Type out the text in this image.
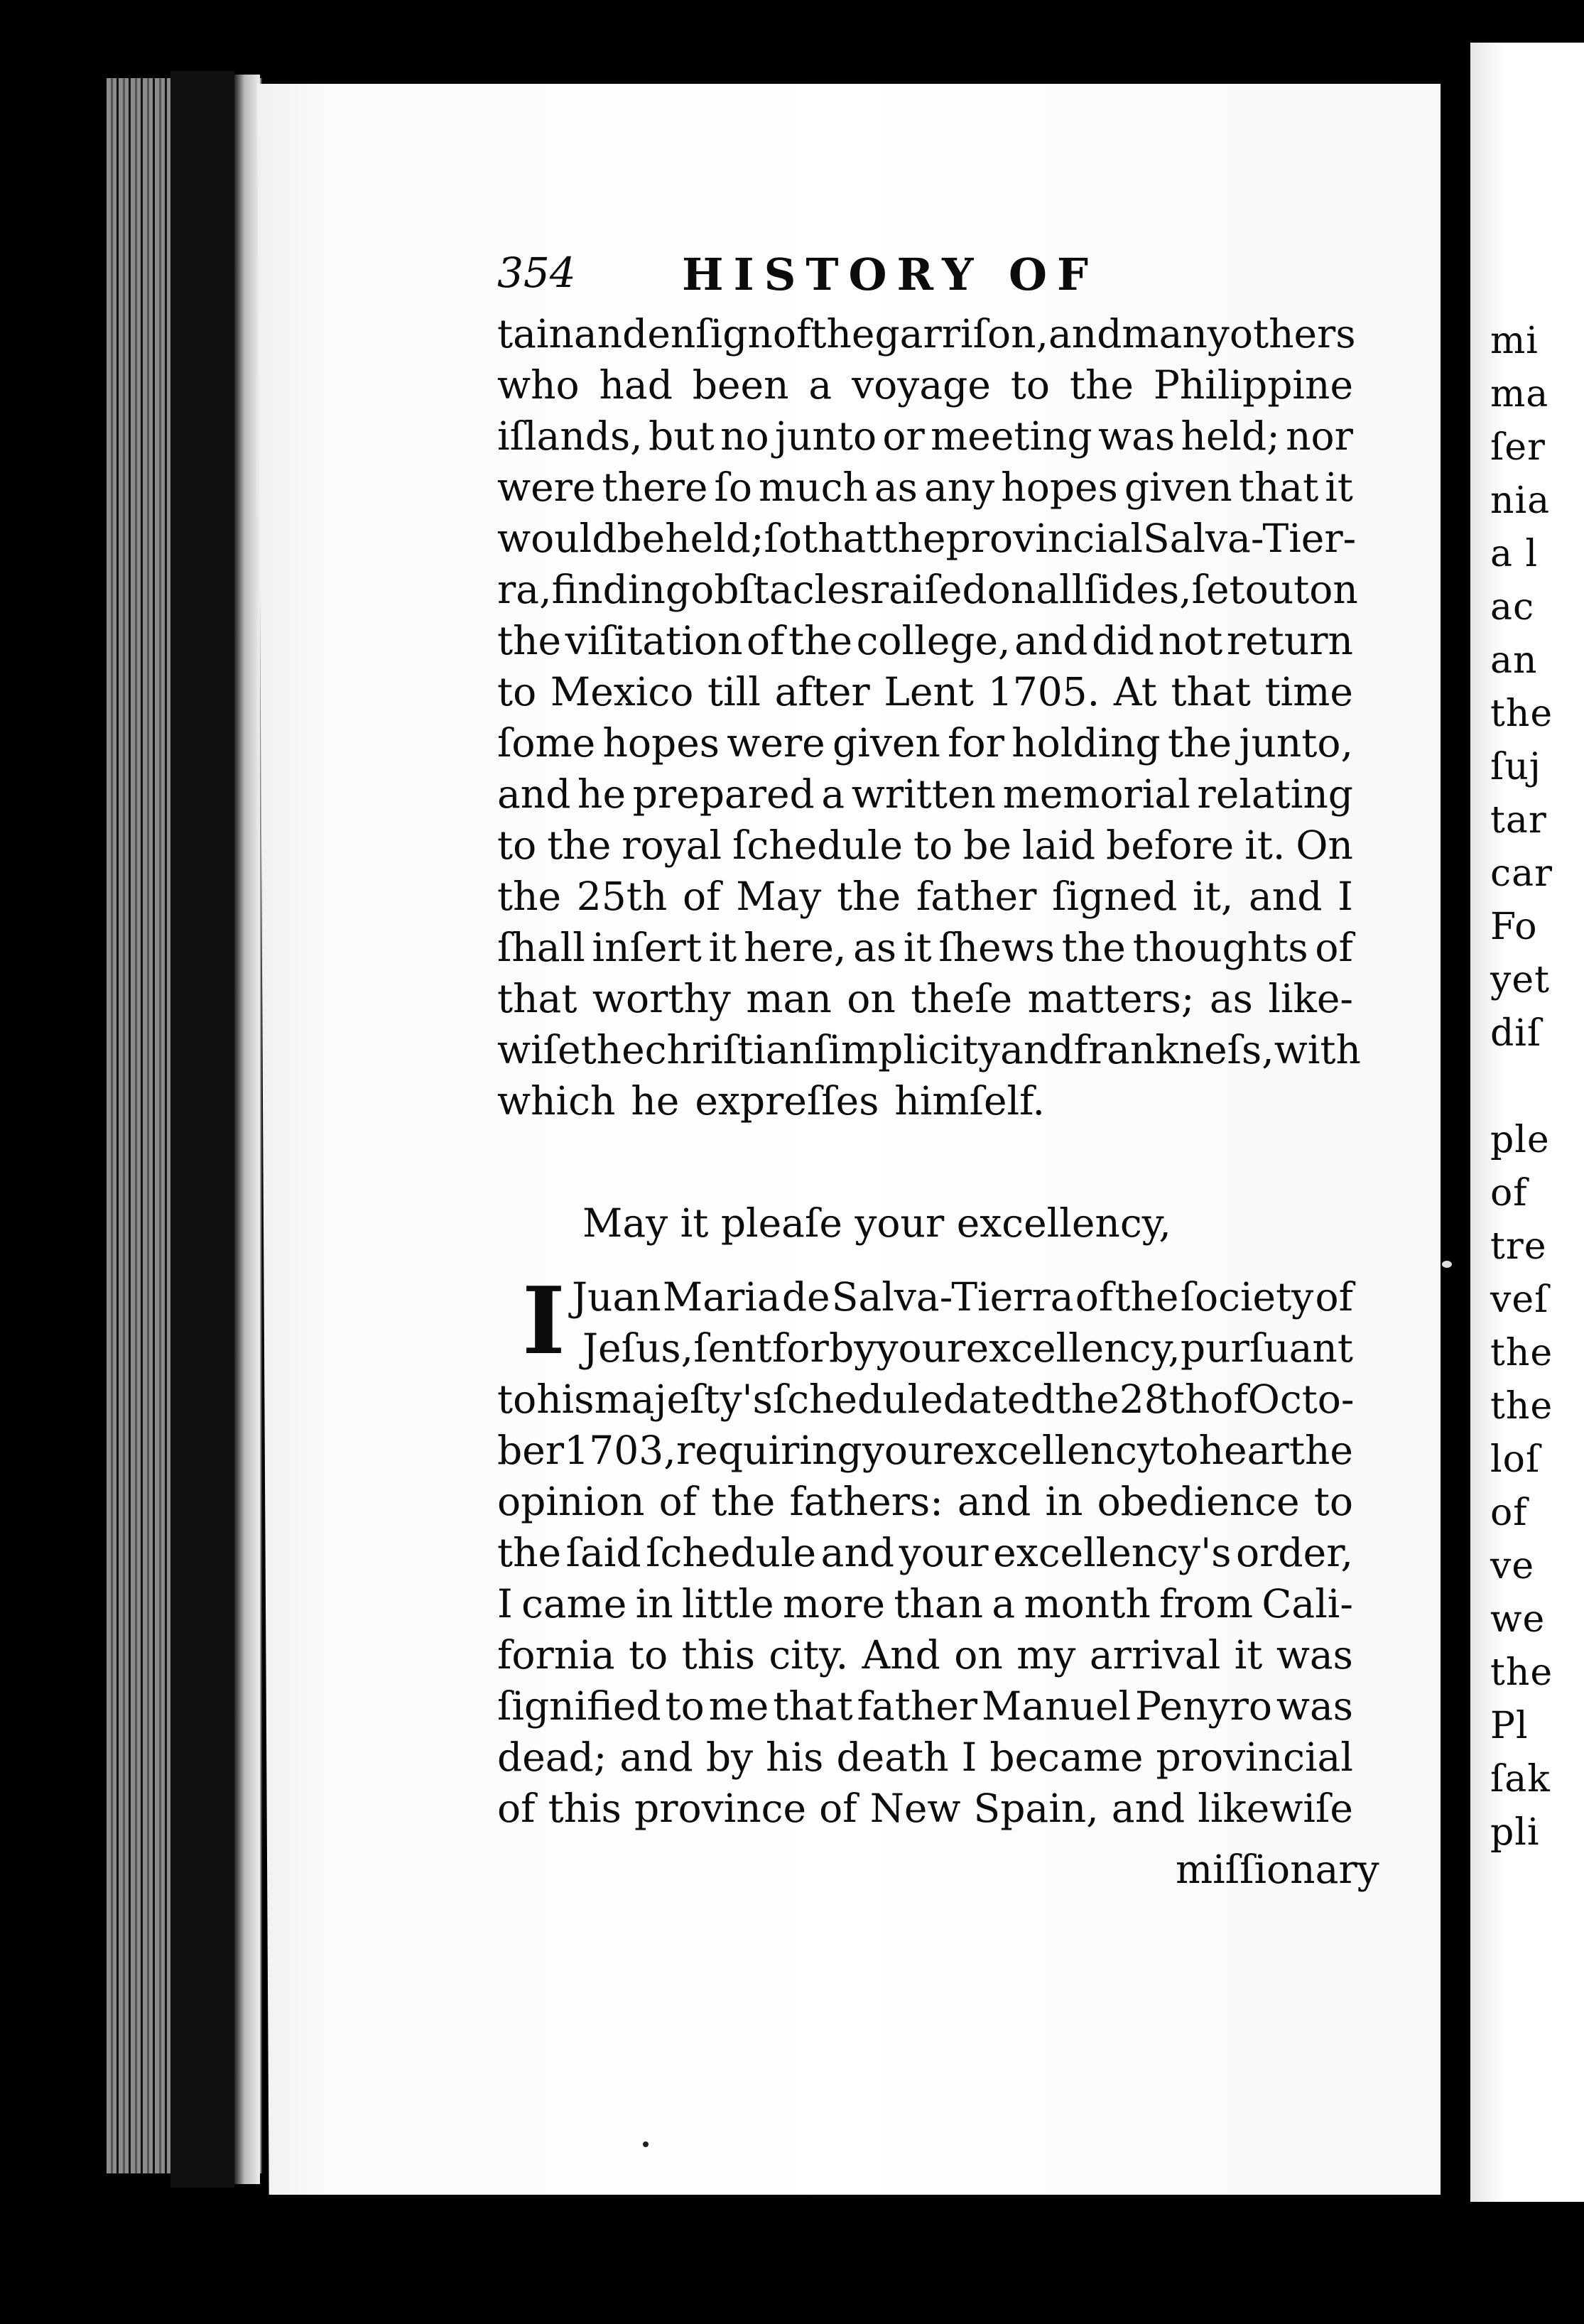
mi
ma
ſer
nia
a l
ac
an
the
ſuj
tar
car
Fo
yet
diſ
ple
of
tre
veſ
the
the
loſ
of
ve
we
the
Pl
ſak
pli
354 HISTORY OF
tain and enſign of the garriſon, and many others
who had been a voyage to the Philippine
iſlands, but no junto or meeting was held; nor
were there ſo much as any hopes given that it
would be held; ſo that the provincial Salva-Tier-
ra, finding obſtacles raiſed on all ſides, ſet out on
the viſitation of the college, and did not return
to Mexico till after Lent 1705. At that time
ſome hopes were given for holding the junto,
and he prepared a written memorial relating
to the royal ſchedule to be laid before it. On
the 25th of May the father ſigned it, and I
ſhall inſert it here, as it ſhews the thoughts of
that worthy man on theſe matters; as like-
wiſe the chriſtian ſimplicity and frankneſs, with
which he expreſſes himſelf.
May it pleaſe your excellency,
I Juan Maria de Salva-Tierra of the ſociety of
Jeſus, ſent for by your excellency, purſuant
to his majeſty's ſchedule dated the 28th of Octo-
ber 1703, requiring your excellency to hear the
opinion of the fathers: and in obedience to
the ſaid ſchedule and your excellency's order,
I came in little more than a month from Cali-
fornia to this city. And on my arrival it was
ſignified to me that father Manuel Penyro was
dead; and by his death I became provincial
of this province of New Spain, and likewiſe
miſſionary
